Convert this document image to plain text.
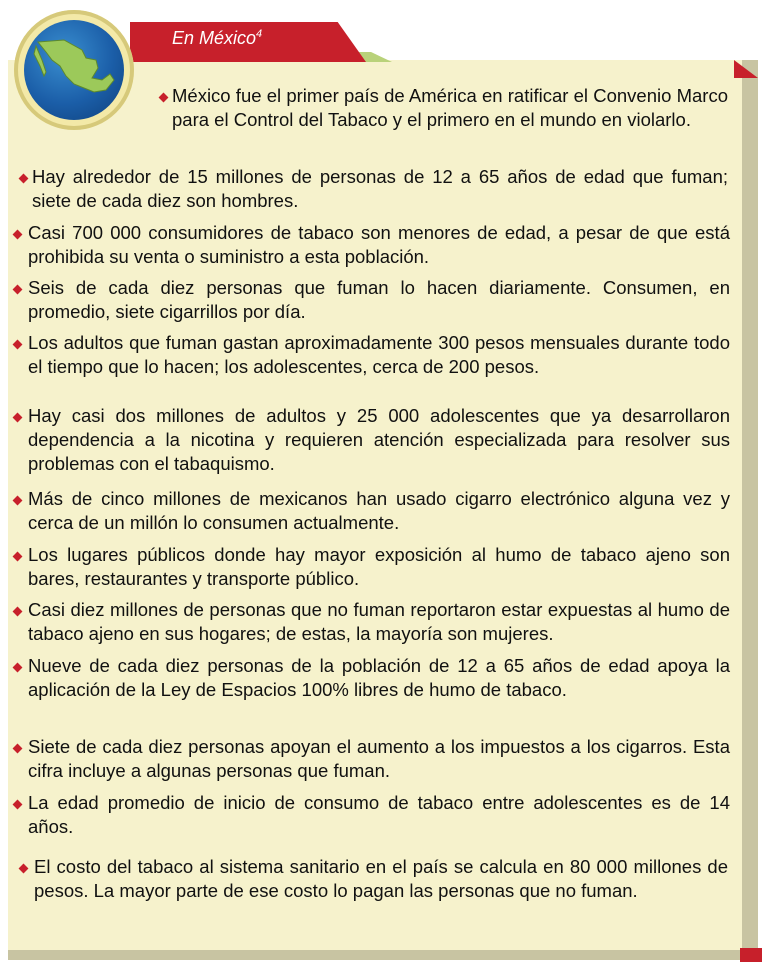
En México$^4$
México fue el primer país de América en ratificar el Convenio Marco para el Control del Tabaco y el primero en el mundo en violarlo.
Hay alrededor de 15 millones de personas de 12 a 65 años de edad que fuman; siete de cada diez son hombres.
Casi 700 000 consumidores de tabaco son menores de edad, a pesar de que está prohibida su venta o suministro a esta población.
Seis de cada diez personas que fuman lo hacen diariamente. Consumen, en promedio, siete cigarrillos por día.
Los adultos que fuman gastan aproximadamente 300 pesos mensuales durante todo el tiempo que lo hacen; los adolescentes, cerca de 200 pesos.
Hay casi dos millones de adultos y 25 000 adolescentes que ya desarrollaron dependencia a la nicotina y requieren atención especializada para resolver sus problemas con el tabaquismo.
Más de cinco millones de mexicanos han usado cigarro electrónico alguna vez y cerca de un millón lo consumen actualmente.
Los lugares públicos donde hay mayor exposición al humo de tabaco ajeno son bares, restaurantes y transporte público.
Casi diez millones de personas que no fuman reportaron estar expuestas al humo de tabaco ajeno en sus hogares; de estas, la mayoría son mujeres.
Nueve de cada diez personas de la población de 12 a 65 años de edad apoya la aplicación de la Ley de Espacios 100% libres de humo de tabaco.
Siete de cada diez personas apoyan el aumento a los impuestos a los cigarros. Esta cifra incluye a algunas personas que fuman.
La edad promedio de inicio de consumo de tabaco entre adolescentes es de 14 años.
El costo del tabaco al sistema sanitario en el país se calcula en 80 000 millones de pesos. La mayor parte de ese costo lo pagan las personas que no fuman.
